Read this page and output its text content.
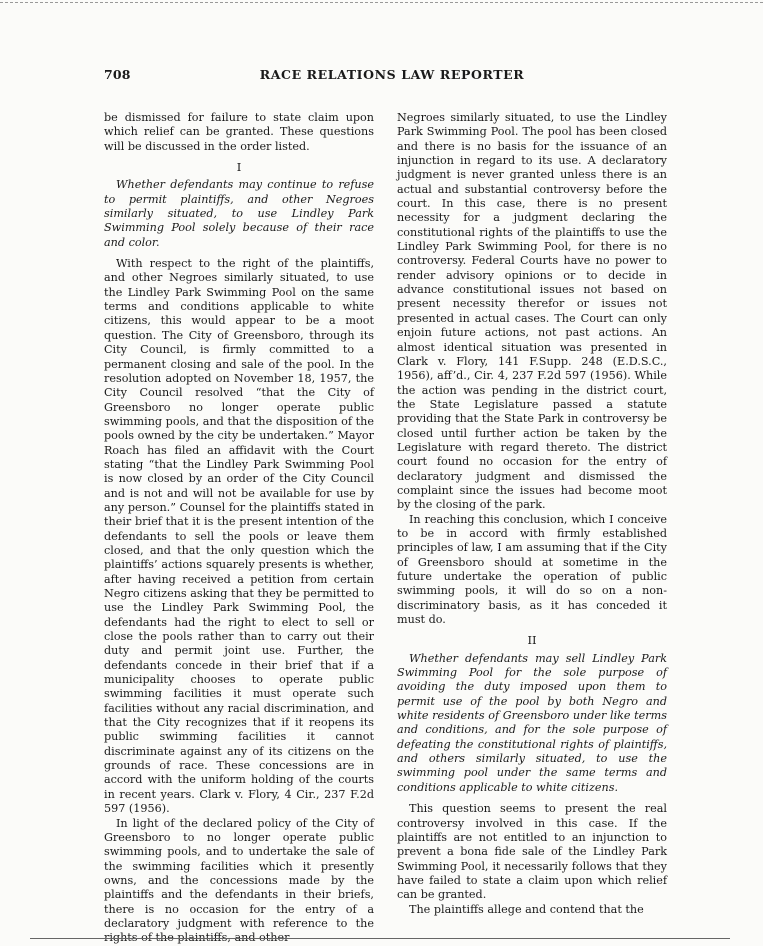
708	RACE RELATIONS LAW REPORTER

be dismissed for failure to state claim upon which relief can be granted. These questions will be discussed in the order listed.

I

Whether defendants may continue to refuse to permit plaintiffs, and other Negroes similarly situated, to use Lindley Park Swimming Pool solely because of their race and color.

With respect to the right of the plaintiffs, and other Negroes similarly situated, to use the Lindley Park Swimming Pool on the same terms and conditions applicable to white citizens, this would appear to be a moot question. The City of Greensboro, through its City Council, is firmly committed to a permanent closing and sale of the pool. In the resolution adopted on November 18, 1957, the City Council resolved “that the City of Greensboro no longer operate public swimming pools, and that the disposition of the pools owned by the city be undertaken.” Mayor Roach has filed an affidavit with the Court stating “that the Lindley Park Swimming Pool is now closed by an order of the City Council and is not and will not be available for use by any person.” Counsel for the plaintiffs stated in their brief that it is the present intention of the defendants to sell the pools or leave them closed, and that the only question which the plaintiffs’ actions squarely presents is whether, after having received a petition from certain Negro citizens asking that they be permitted to use the Lindley Park Swimming Pool, the defendants had the right to elect to sell or close the pools rather than to carry out their duty and permit joint use. Further, the defendants concede in their brief that if a municipality chooses to operate public swimming facilities it must operate such facilities without any racial discrimination, and that the City recognizes that if it reopens its public swimming facilities it cannot discriminate against any of its citizens on the grounds of race. These concessions are in accord with the uniform holding of the courts in recent years. Clark v. Flory, 4 Cir., 237 F.2d 597 (1956).

In light of the declared policy of the City of Greensboro to no longer operate public swimming pools, and to undertake the sale of the swimming facilities which it presently owns, and the concessions made by the plaintiffs and the defendants in their briefs, there is no occasion for the entry of a declaratory judgment with reference to the rights of the plaintiffs, and other

Negroes similarly situated, to use the Lindley Park Swimming Pool. The pool has been closed and there is no basis for the issuance of an injunction in regard to its use. A declaratory judgment is never granted unless there is an actual and substantial controversy before the court. In this case, there is no present necessity for a judgment declaring the constitutional rights of the plaintiffs to use the Lindley Park Swimming Pool, for there is no controversy. Federal Courts have no power to render advisory opinions or to decide in advance constitutional issues not based on present necessity therefor or issues not presented in actual cases. The Court can only enjoin future actions, not past actions. An almost identical situation was presented in Clark v. Flory, 141 F.Supp. 248 (E.D.S.C., 1956), aff’d., Cir. 4, 237 F.2d 597 (1956). While the action was pending in the district court, the State Legislature passed a statute providing that the State Park in controversy be closed until further action be taken by the Legislature with regard thereto. The district court found no occasion for the entry of declaratory judgment and dismissed the complaint since the issues had become moot by the closing of the park.

In reaching this conclusion, which I conceive to be in accord with firmly established principles of law, I am assuming that if the City of Greensboro should at sometime in the future undertake the operation of public swimming pools, it will do so on a non-discriminatory basis, as it has conceded it must do.

II

Whether defendants may sell Lindley Park Swimming Pool for the sole purpose of avoiding the duty imposed upon them to permit use of the pool by both Negro and white residents of Greensboro under like terms and conditions, and for the sole purpose of defeating the constitutional rights of plaintiffs, and others similarly situated, to use the swimming pool under the same terms and conditions applicable to white citizens.

This question seems to present the real controversy involved in this case. If the plaintiffs are not entitled to an injunction to prevent a bona fide sale of the Lindley Park Swimming Pool, it necessarily follows that they have failed to state a claim upon which relief can be granted.

The plaintiffs allege and contend that the
